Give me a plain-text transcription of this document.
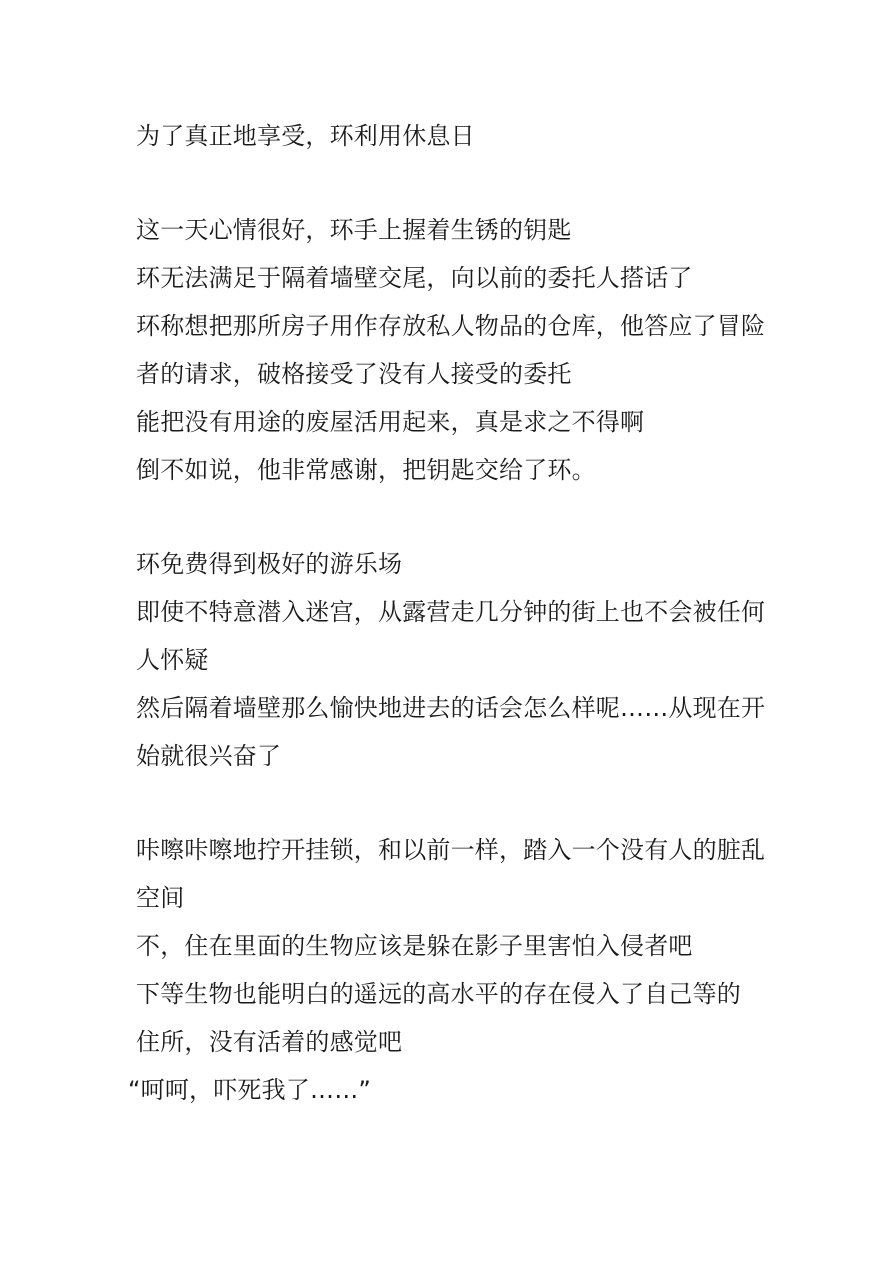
为了真正地享受，环利用休息日
这一天心情很好，环手上握着生锈的钥匙
环无法满足于隔着墙壁交尾，向以前的委托人搭话了
环称想把那所房子用作存放私人物品的仓库，他答应了冒险
者的请求，破格接受了没有人接受的委托
能把没有用途的废屋活用起来，真是求之不得啊
倒不如说，他非常感谢，把钥匙交给了环。
环免费得到极好的游乐场
即使不特意潜入迷宫，从露营走几分钟的街上也不会被任何
人怀疑
然后隔着墙壁那么愉快地进去的话会怎么样呢……从现在开
始就很兴奋了
咔嚓咔嚓地拧开挂锁，和以前一样，踏入一个没有人的脏乱
空间
不，住在里面的生物应该是躲在影子里害怕入侵者吧
下等生物也能明白的遥远的高水平的存在侵入了自己等的
住所，没有活着的感觉吧
“呵呵，吓死我了……”
